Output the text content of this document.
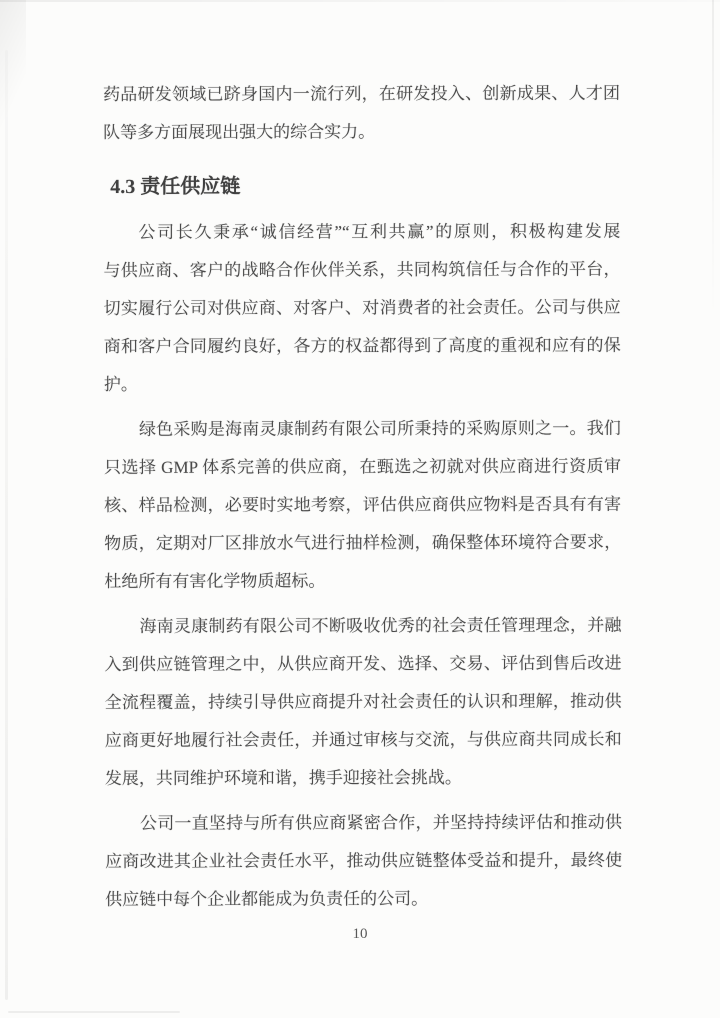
药品研发领域已跻身国内一流行列，在研发投入、创新成果、人才团
队等多方面展现出强大的综合实力。
4.3 责任供应链
公司长久秉承“诚信经营”“互利共赢”的原则，积极构建发展
与供应商、客户的战略合作伙伴关系，共同构筑信任与合作的平台，
切实履行公司对供应商、对客户、对消费者的社会责任。公司与供应
商和客户合同履约良好，各方的权益都得到了高度的重视和应有的保
护。
绿色采购是海南灵康制药有限公司所秉持的采购原则之一。我们
只选择 GMP 体系完善的供应商，在甄选之初就对供应商进行资质审
核、样品检测，必要时实地考察，评估供应商供应物料是否具有有害
物质，定期对厂区排放水气进行抽样检测，确保整体环境符合要求，
杜绝所有有害化学物质超标。
海南灵康制药有限公司不断吸收优秀的社会责任管理理念，并融
入到供应链管理之中，从供应商开发、选择、交易、评估到售后改进
全流程覆盖，持续引导供应商提升对社会责任的认识和理解，推动供
应商更好地履行社会责任，并通过审核与交流，与供应商共同成长和
发展，共同维护环境和谐，携手迎接社会挑战。
公司一直坚持与所有供应商紧密合作，并坚持持续评估和推动供
应商改进其企业社会责任水平，推动供应链整体受益和提升，最终使
供应链中每个企业都能成为负责任的公司。
10
